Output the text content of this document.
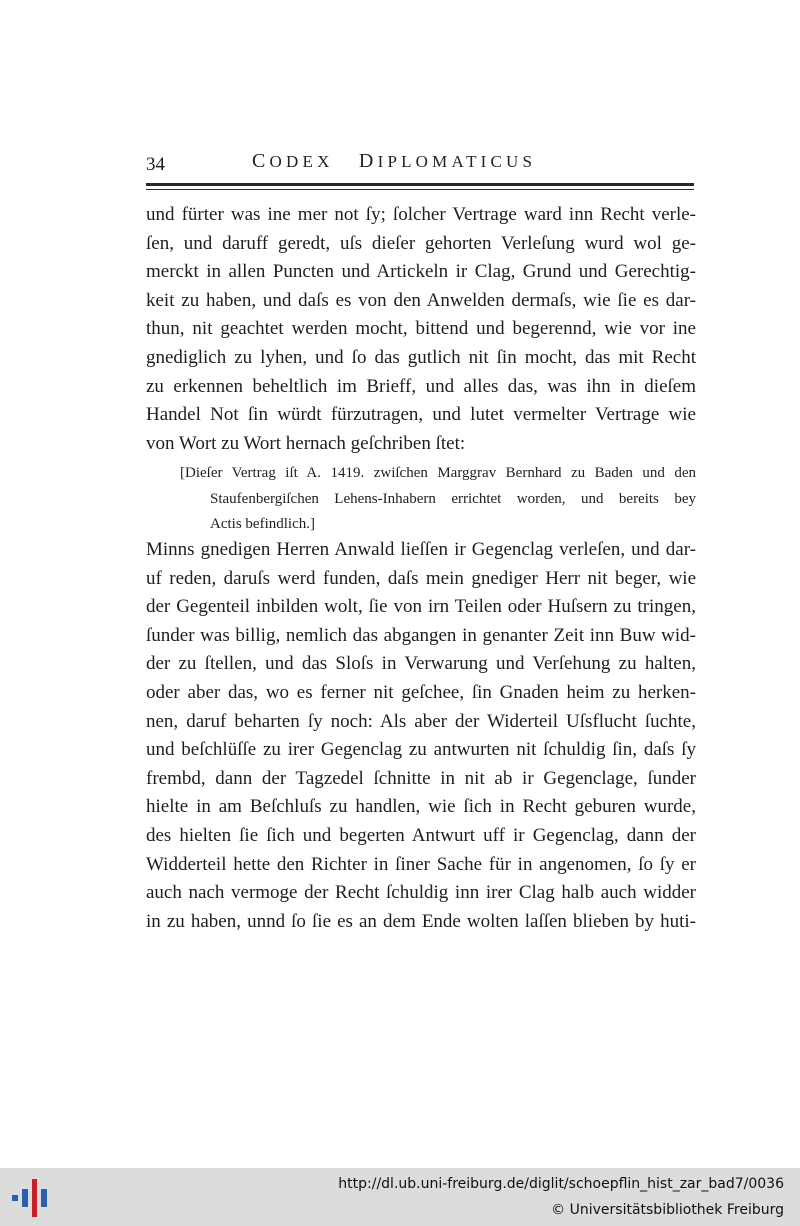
34	CODEX DIPLOMATICUS
und fürter was ine mer not ſy; ſolcher Vertrage ward inn Recht verle-
ſen, und daruff geredt, uſs dieſer gehorten Verleſung wurd wol ge-
merckt in allen Puncten und Artickeln ir Clag, Grund und Gerechtig-
keit zu haben, und daſs es von den Anwelden dermaſs, wie ſie es dar-
thun, nit geachtet werden mocht, bittend und begerennd, wie vor ine
gnediglich zu lyhen, und ſo das gutlich nit ſin mocht, das mit Recht
zu erkennen beheltlich im Brieff, und alles das, was ihn in dieſem
Handel Not ſin würdt fürzutragen, und lutet vermelter Vertrage wie
von Wort zu Wort hernach geſchriben ſtet:
[Dieſer Vertrag iſt A. 1419. zwiſchen Marggrav Bernhard zu Baden und den
Staufenbergiſchen Lehens-Inhabern errichtet worden, und bereits bey
Actis befindlich.]
Minns gnedigen Herren Anwald lieſſen ir Gegenclag verleſen, und dar-
uf reden, daruſs werd funden, daſs mein gnediger Herr nit beger, wie
der Gegenteil inbilden wolt, ſie von irn Teilen oder Huſsern zu tringen,
ſunder was billig, nemlich das abgangen in genanter Zeit inn Buw wid-
der zu ſtellen, und das Sloſs in Verwarung und Verſehung zu halten,
oder aber das, wo es ferner nit geſchee, ſin Gnaden heim zu herken-
nen, daruf beharten ſy noch: Als aber der Widerteil Uſsflucht ſuchte,
und beſchlüſſe zu irer Gegenclag zu antwurten nit ſchuldig ſin, daſs ſy
frembd, dann der Tagzedel ſchnitte in nit ab ir Gegenclage, ſunder
hielte in am Beſchluſs zu handlen, wie ſich in Recht geburen wurde,
des hielten ſie ſich und begerten Antwurt uff ir Gegenclag, dann der
Widderteil hette den Richter in ſiner Sache für in angenomen, ſo ſy er
auch nach vermoge der Recht ſchuldig inn irer Clag halb auch widder
in zu haben, unnd ſo ſie es an dem Ende wolten laſſen blieben by huti-
http://dl.ub.uni-freiburg.de/diglit/schoepflin_hist_zar_bad7/0036
© Universitätsbibliothek Freiburg
